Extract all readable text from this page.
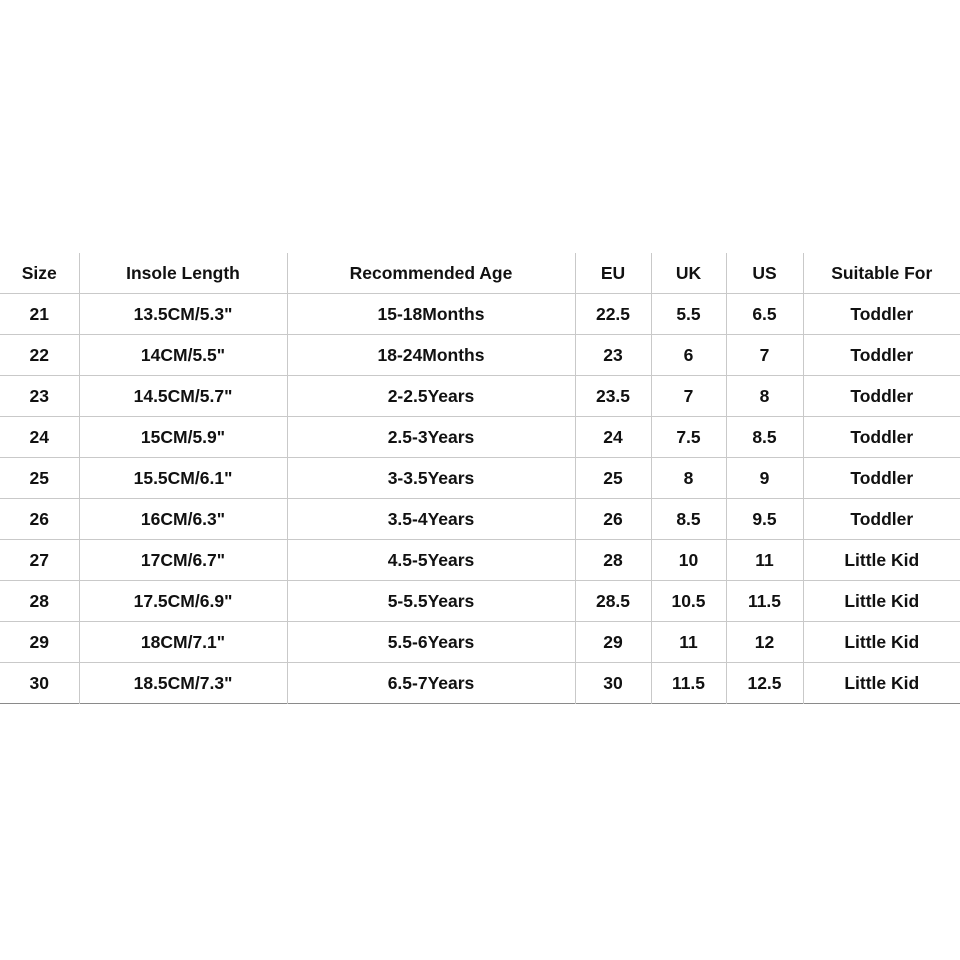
Size	Insole Length	Recommended Age	EU	UK	US	Suitable For
21	13.5CM/5.3"	15-18Months	22.5	5.5	6.5	Toddler
22	14CM/5.5"	18-24Months	23	6	7	Toddler
23	14.5CM/5.7"	2-2.5Years	23.5	7	8	Toddler
24	15CM/5.9"	2.5-3Years	24	7.5	8.5	Toddler
25	15.5CM/6.1"	3-3.5Years	25	8	9	Toddler
26	16CM/6.3"	3.5-4Years	26	8.5	9.5	Toddler
27	17CM/6.7"	4.5-5Years	28	10	11	Little Kid
28	17.5CM/6.9"	5-5.5Years	28.5	10.5	11.5	Little Kid
29	18CM/7.1"	5.5-6Years	29	11	12	Little Kid
30	18.5CM/7.3"	6.5-7Years	30	11.5	12.5	Little Kid
